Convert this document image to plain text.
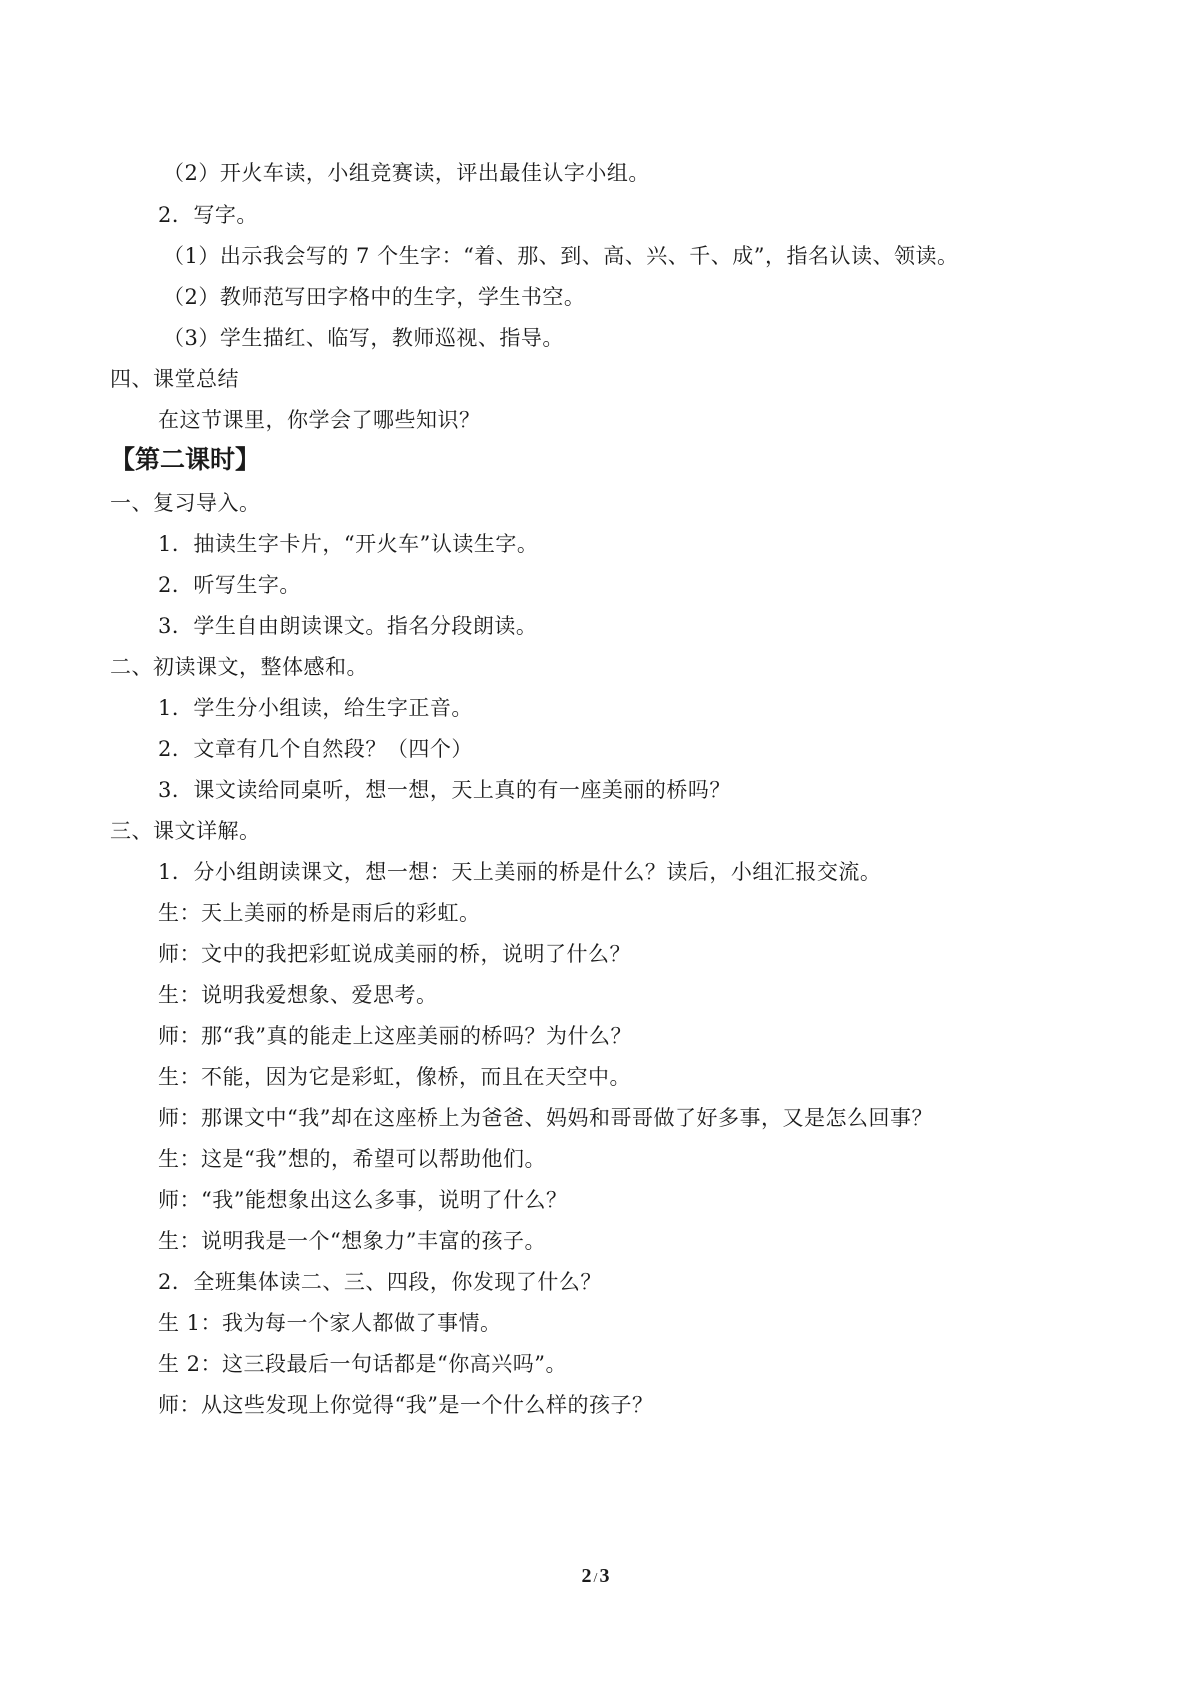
（2）开火车读，小组竞赛读，评出最佳认字小组。
2．写字。
（1）出示我会写的 7 个生字：“着、那、到、高、兴、千、成”，指名认读、领读。
（2）教师范写田字格中的生字，学生书空。
（3）学生描红、临写，教师巡视、指导。
四、课堂总结
在这节课里，你学会了哪些知识？
【第二课时】
一、复习导入。
1．抽读生字卡片，“开火车”认读生字。
2．听写生字。
3．学生自由朗读课文。指名分段朗读。
二、初读课文，整体感和。
1．学生分小组读，给生字正音。
2．文章有几个自然段？（四个）
3．课文读给同桌听，想一想，天上真的有一座美丽的桥吗？
三、课文详解。
1．分小组朗读课文，想一想：天上美丽的桥是什么？读后，小组汇报交流。
生：天上美丽的桥是雨后的彩虹。
师：文中的我把彩虹说成美丽的桥，说明了什么？
生：说明我爱想象、爱思考。
师：那“我”真的能走上这座美丽的桥吗？为什么？
生：不能，因为它是彩虹，像桥，而且在天空中。
师：那课文中“我”却在这座桥上为爸爸、妈妈和哥哥做了好多事，又是怎么回事？
生：这是“我”想的，希望可以帮助他们。
师：“我”能想象出这么多事，说明了什么？
生：说明我是一个“想象力”丰富的孩子。
2．全班集体读二、三、四段，你发现了什么？
生 1：我为每一个家人都做了事情。
生 2：这三段最后一句话都是“你高兴吗”。
师：从这些发现上你觉得“我”是一个什么样的孩子？
2 / 3
